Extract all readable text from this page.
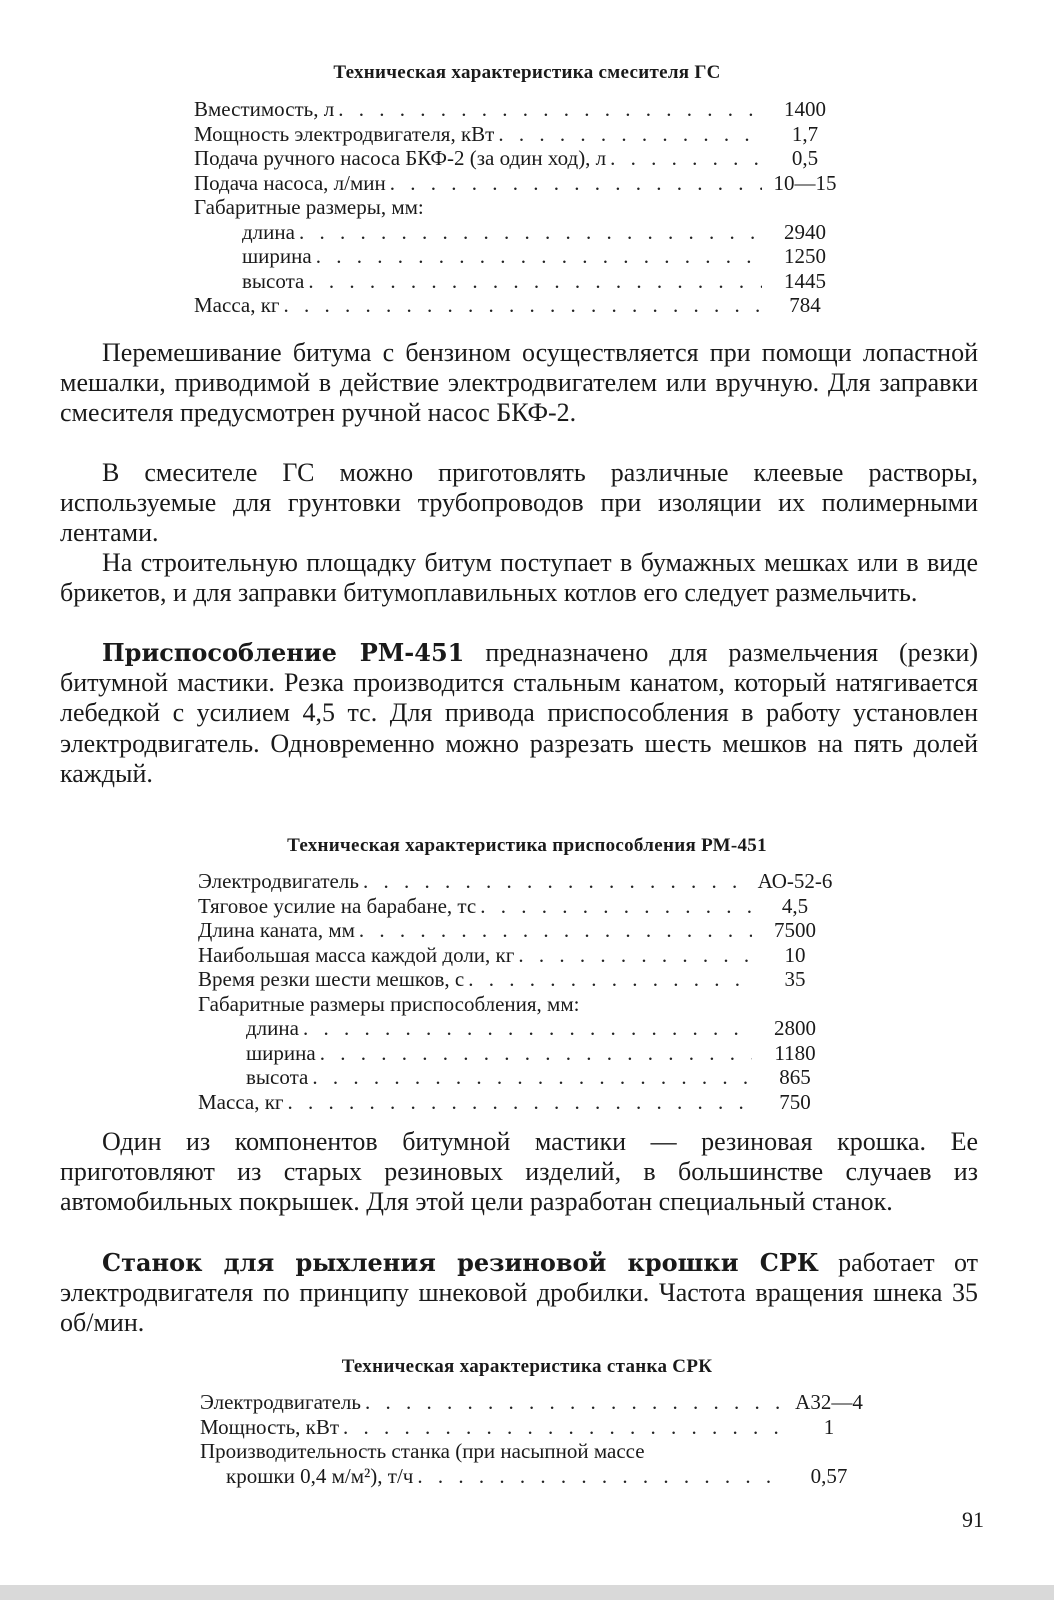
Техническая характеристика смесителя ГС
Вместимость, л . . .	1400
Мощность электродвигателя, кВт . . .	1,7
Подача ручного насоса БКФ-2 (за один ход), л . . .	0,5
Подача насоса, л/мин . . .	10—15
Габаритные размеры, мм:
длина . . .	2940
ширина . . .	1250
высота . . .	1445
Масса, кг . . .	784

Перемешивание битума с бензином осуществляется при помощи лопастной мешалки, приводимой в действие электродвигателем или вручную. Для заправки смесителя предусмотрен ручной насос БКФ-2.

В смесителе ГС можно приготовлять различные клеевые растворы, используемые для грунтовки трубопроводов при изоляции их полимерными лентами.

На строительную площадку битум поступает в бумажных мешках или в виде брикетов, и для заправки битумоплавильных котлов его следует размельчить.

Приспособление РМ-451 предназначено для размельчения (резки) битумной мастики. Резка производится стальным канатом, который натягивается лебедкой с усилием 4,5 тс. Для привода приспособления в работу установлен электродвигатель. Одновременно можно разрезать шесть мешков на пять долей каждый.

Техническая характеристика приспособления РМ-451
Электродвигатель . . .	АО-52-6
Тяговое усилие на барабане, тс . . .	4,5
Длина каната, мм . . .	7500
Наибольшая масса каждой доли, кг . . .	10
Время резки шести мешков, с . . .	35
Габаритные размеры приспособления, мм:
длина . . .	2800
ширина . . .	1180
высота . . .	865
Масса, кг . . .	750

Один из компонентов битумной мастики — резиновая крошка. Ее приготовляют из старых резиновых изделий, в большинстве случаев из автомобильных покрышек. Для этой цели разработан специальный станок.

Станок для рыхления резиновой крошки СРК работает от электродвигателя по принципу шнековой дробилки. Частота вращения шнека 35 об/мин.

Техническая характеристика станка СРК
Электродвигатель . . .	А32—4
Мощность, кВт . . .	1
Производительность станка (при насыпной массе
крошки 0,4 м/м²), т/ч . . .	0,57
91
